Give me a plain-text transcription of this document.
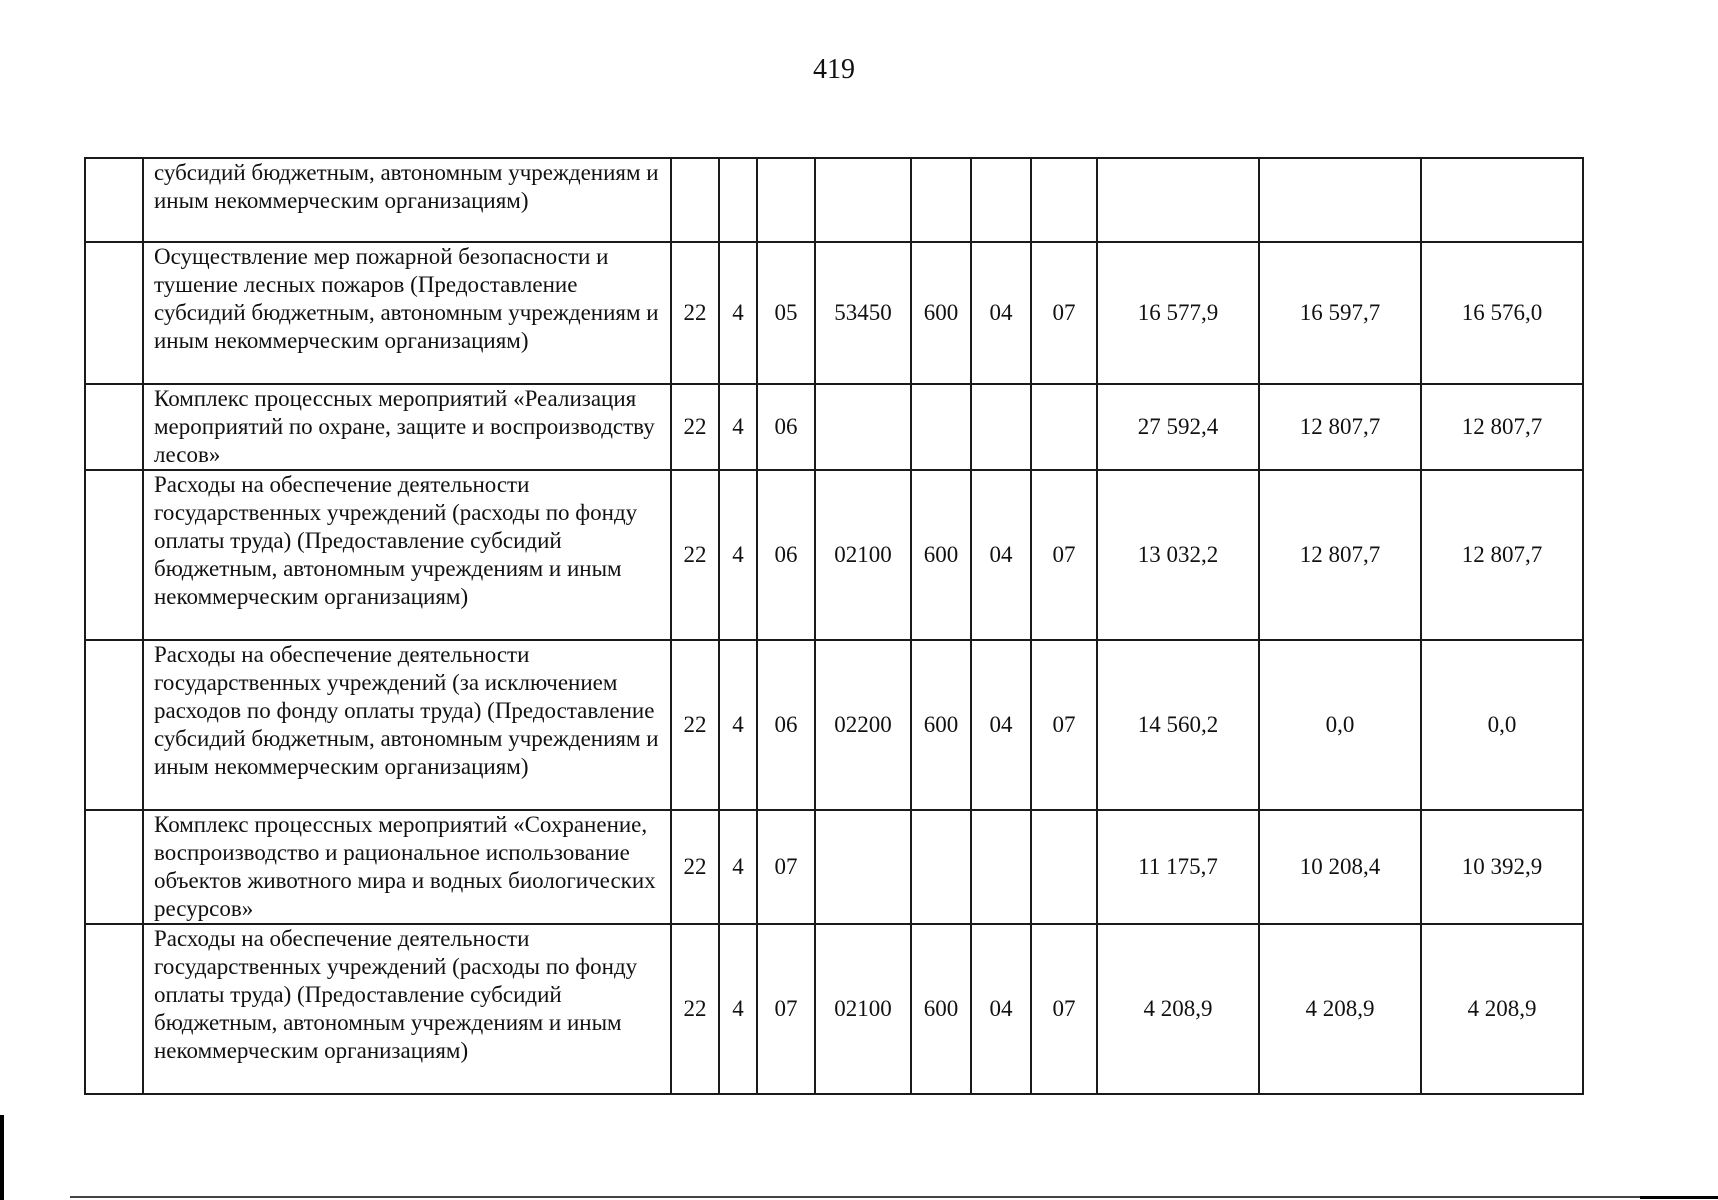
419
	субсидий бюджетным, автономным учреждениям и иным некоммерческим организациям)										
	Осуществление мер пожарной безопасности и тушение лесных пожаров (Предоставление субсидий бюджетным, автономным учреждениям и иным некоммерческим организациям)	22	4	05	53450	600	04	07	16 577,9	16 597,7	16 576,0
	Комплекс процессных мероприятий «Реализация мероприятий по охране, защите и воспроизводству лесов»	22	4	06					27 592,4	12 807,7	12 807,7
	Расходы на обеспечение деятельности государственных учреждений (расходы по фонду оплаты труда) (Предоставление субсидий бюджетным, автономным учреждениям и иным некоммерческим организациям)	22	4	06	02100	600	04	07	13 032,2	12 807,7	12 807,7
	Расходы на обеспечение деятельности государственных учреждений (за исключением расходов по фонду оплаты труда) (Предоставление субсидий бюджетным, автономным учреждениям и иным некоммерческим организациям)	22	4	06	02200	600	04	07	14 560,2	0,0	0,0
	Комплекс процессных мероприятий «Сохранение, воспроизводство и рациональное использование объектов животного мира и водных биологических ресурсов»	22	4	07					11 175,7	10 208,4	10 392,9
	Расходы на обеспечение деятельности государственных учреждений (расходы по фонду оплаты труда) (Предоставление субсидий бюджетным, автономным учреждениям и иным некоммерческим организациям)	22	4	07	02100	600	04	07	4 208,9	4 208,9	4 208,9
